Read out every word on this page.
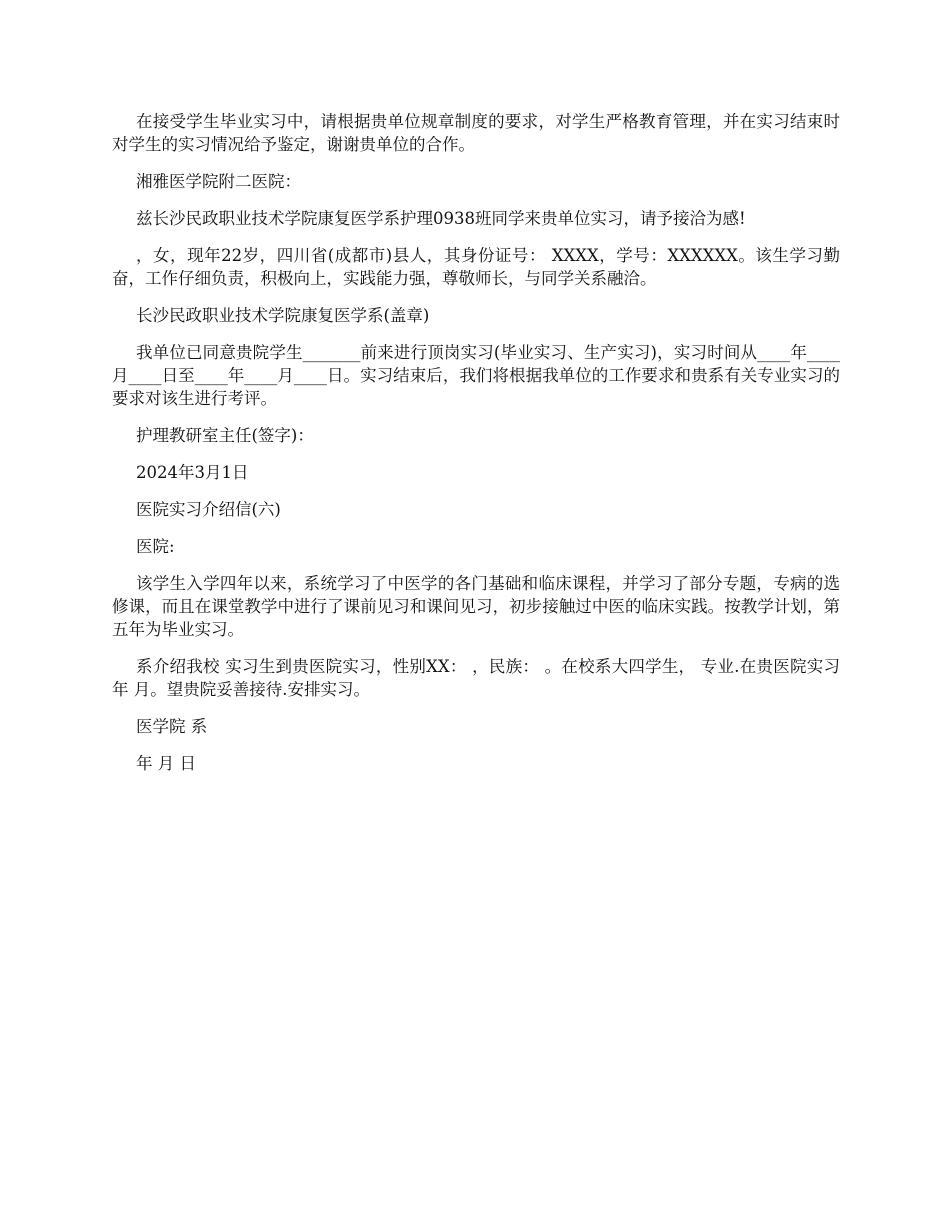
在接受学生毕业实习中，请根据贵单位规章制度的要求，对学生严格教育管理，并在实习结束时对学生的实习情况给予鉴定，谢谢贵单位的合作。

湘雅医学院附二医院：

兹长沙民政职业技术学院康复医学系护理0938班同学来贵单位实习，请予接洽为感!

，女，现年22岁，四川省(成都市)县人，其身份证号： XXXX，学号：XXXXXX。该生学习勤奋，工作仔细负责，积极向上，实践能力强，尊敬师长，与同学关系融洽。

长沙民政职业技术学院康复医学系(盖章)

我单位已同意贵院学生_______前来进行顶岗实习(毕业实习、生产实习)，实习时间从____年____月____日至____年____月____日。实习结束后，我们将根据我单位的工作要求和贵系有关专业实习的要求对该生进行考评。

护理教研室主任(签字)：

2024年3月1日

医院实习介绍信(六)

医院:

该学生入学四年以来，系统学习了中医学的各门基础和临床课程，并学习了部分专题，专病的选修课，而且在课堂教学中进行了课前见习和课间见习，初步接触过中医的临床实践。按教学计划，第五年为毕业实习。

系介绍我校 实习生到贵医院实习，性别XX： ，民族： 。在校系大四学生， 专业.在贵医院实习 年 月。望贵院妥善接待.安排实习。

医学院 系

年 月 日
